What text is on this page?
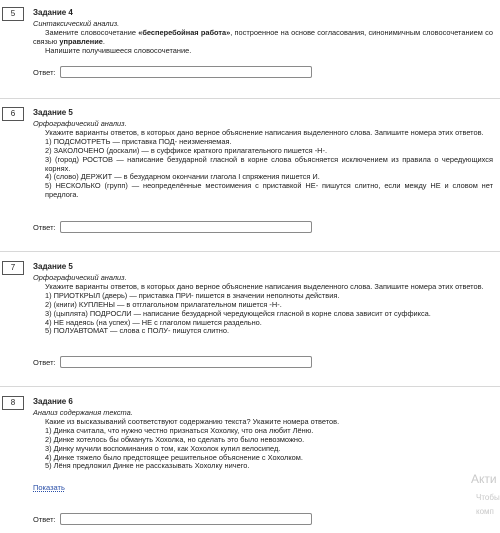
5	Задание 4
Синтаксический анализ.
Замените словосочетание «бесперебойная работа», построенное на основе согласования, синонимичным словосочетанием со связью управление.
Напишите получившееся словосочетание.
Ответ:
6	Задание 5
Орфографический анализ.
Укажите варианты ответов, в которых дано верное объяснение написания выделенного слова. Запишите номера этих ответов.
1) ПОДСМОТРЕТЬ — приставка ПОД- неизменяемая.
2) ЗАКОЛОЧЕНО (доскали) — в суффиксе краткого прилагательного пишется -Н-.
3) (город) РОСТОВ — написание безударной гласной в корне слова объясняется исключением из правила о чередующихся корнях.
4) (слово) ДЕРЖИТ — в безударном окончании глагола I спряжения пишется И.
5) НЕСКОЛЬКО (групп) — неопределённые местоимения с приставкой НЕ- пишутся слитно, если между НЕ и словом нет предлога.
Ответ:
7	Задание 5
Орфографический анализ.
Укажите варианты ответов, в которых дано верное объяснение написания выделенного слова. Запишите номера этих ответов.
1) ПРИОТКРЫЛ (дверь) — приставка ПРИ- пишется в значении неполноты действия.
2) (книги) КУПЛЕНЫ — в отглагольном прилагательном пишется -Н-.
3) (цыплята) ПОДРОСЛИ — написание безударной чередующейся гласной в корне слова зависит от суффикса.
4) НЕ надеясь (на успех) — НЕ с глаголом пишется раздельно.
5) ПОЛУАВТОМАТ — слова с ПОЛУ- пишутся слитно.
Ответ:
8	Задание 6
Анализ содержания текста.
Какие из высказываний соответствуют содержанию текста? Укажите номера ответов.
1) Динка считала, что нужно честно признаться Хохолку, что она любит Лёню.
2) Динке хотелось бы обмануть Хохолка, но сделать это было невозможно.
3) Динку мучили воспоминания о том, как Хохолок купил велосипед.
4) Динке тяжело было предстоящее решительное объяснение с Хохолком.
5) Лёня предложил Динке не рассказывать Хохолку ничего.
Показать
Ответ:
Акти
Чтобы
комп
